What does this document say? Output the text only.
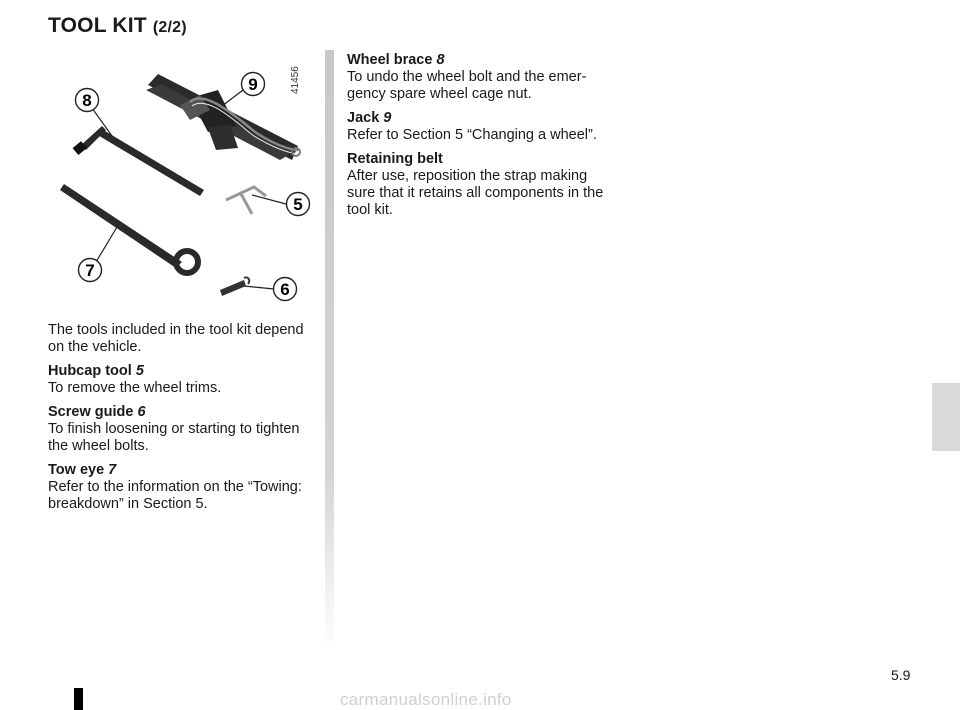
TOOL KIT (2/2)
8
9
5
7
6
41456

The tools included in the tool kit depend on the vehicle.

Hubcap tool 5
To remove the wheel trims.

Screw guide 6
To finish loosening or starting to tighten the wheel bolts.

Tow eye 7
Refer to the information on the “Towing: breakdown” in Section 5.

Wheel brace 8
To undo the wheel bolt and the emer-gency spare wheel cage nut.

Jack 9
Refer to Section 5 “Changing a wheel”.

Retaining belt
After use, reposition the strap making sure that it retains all components in the tool kit.

5.9
carmanualsonline.info
